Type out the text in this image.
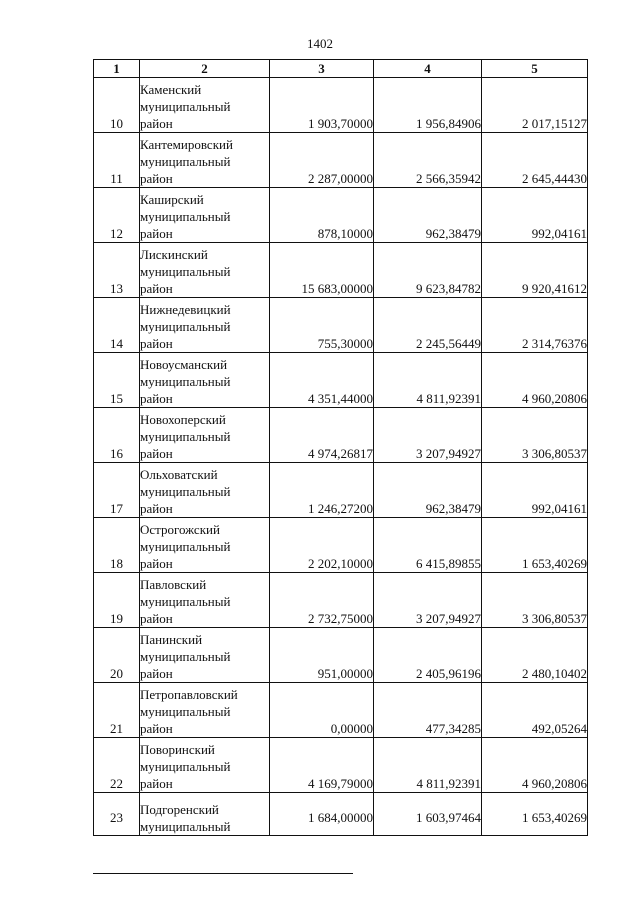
1402
1	2	3	4	5
10	Каменский
муниципальный
район	1 903,70000	1 956,84906	2 017,15127
11	Кантемировский
муниципальный
район	2 287,00000	2 566,35942	2 645,44430
12	Каширский
муниципальный
район	878,10000	962,38479	992,04161
13	Лискинский
муниципальный
район	15 683,00000	9 623,84782	9 920,41612
14	Нижнедевицкий
муниципальный
район	755,30000	2 245,56449	2 314,76376
15	Новоусманский
муниципальный
район	4 351,44000	4 811,92391	4 960,20806
16	Новохоперский
муниципальный
район	4 974,26817	3 207,94927	3 306,80537
17	Ольховатский
муниципальный
район	1 246,27200	962,38479	992,04161
18	Острогожский
муниципальный
район	2 202,10000	6 415,89855	1 653,40269
19	Павловский
муниципальный
район	2 732,75000	3 207,94927	3 306,80537
20	Панинский
муниципальный
район	951,00000	2 405,96196	2 480,10402
21	Петропавловский
муниципальный
район	0,00000	477,34285	492,05264
22	Поворинский
муниципальный
район	4 169,79000	4 811,92391	4 960,20806
23	Подгоренский
муниципальный	1 684,00000	1 603,97464	1 653,40269
